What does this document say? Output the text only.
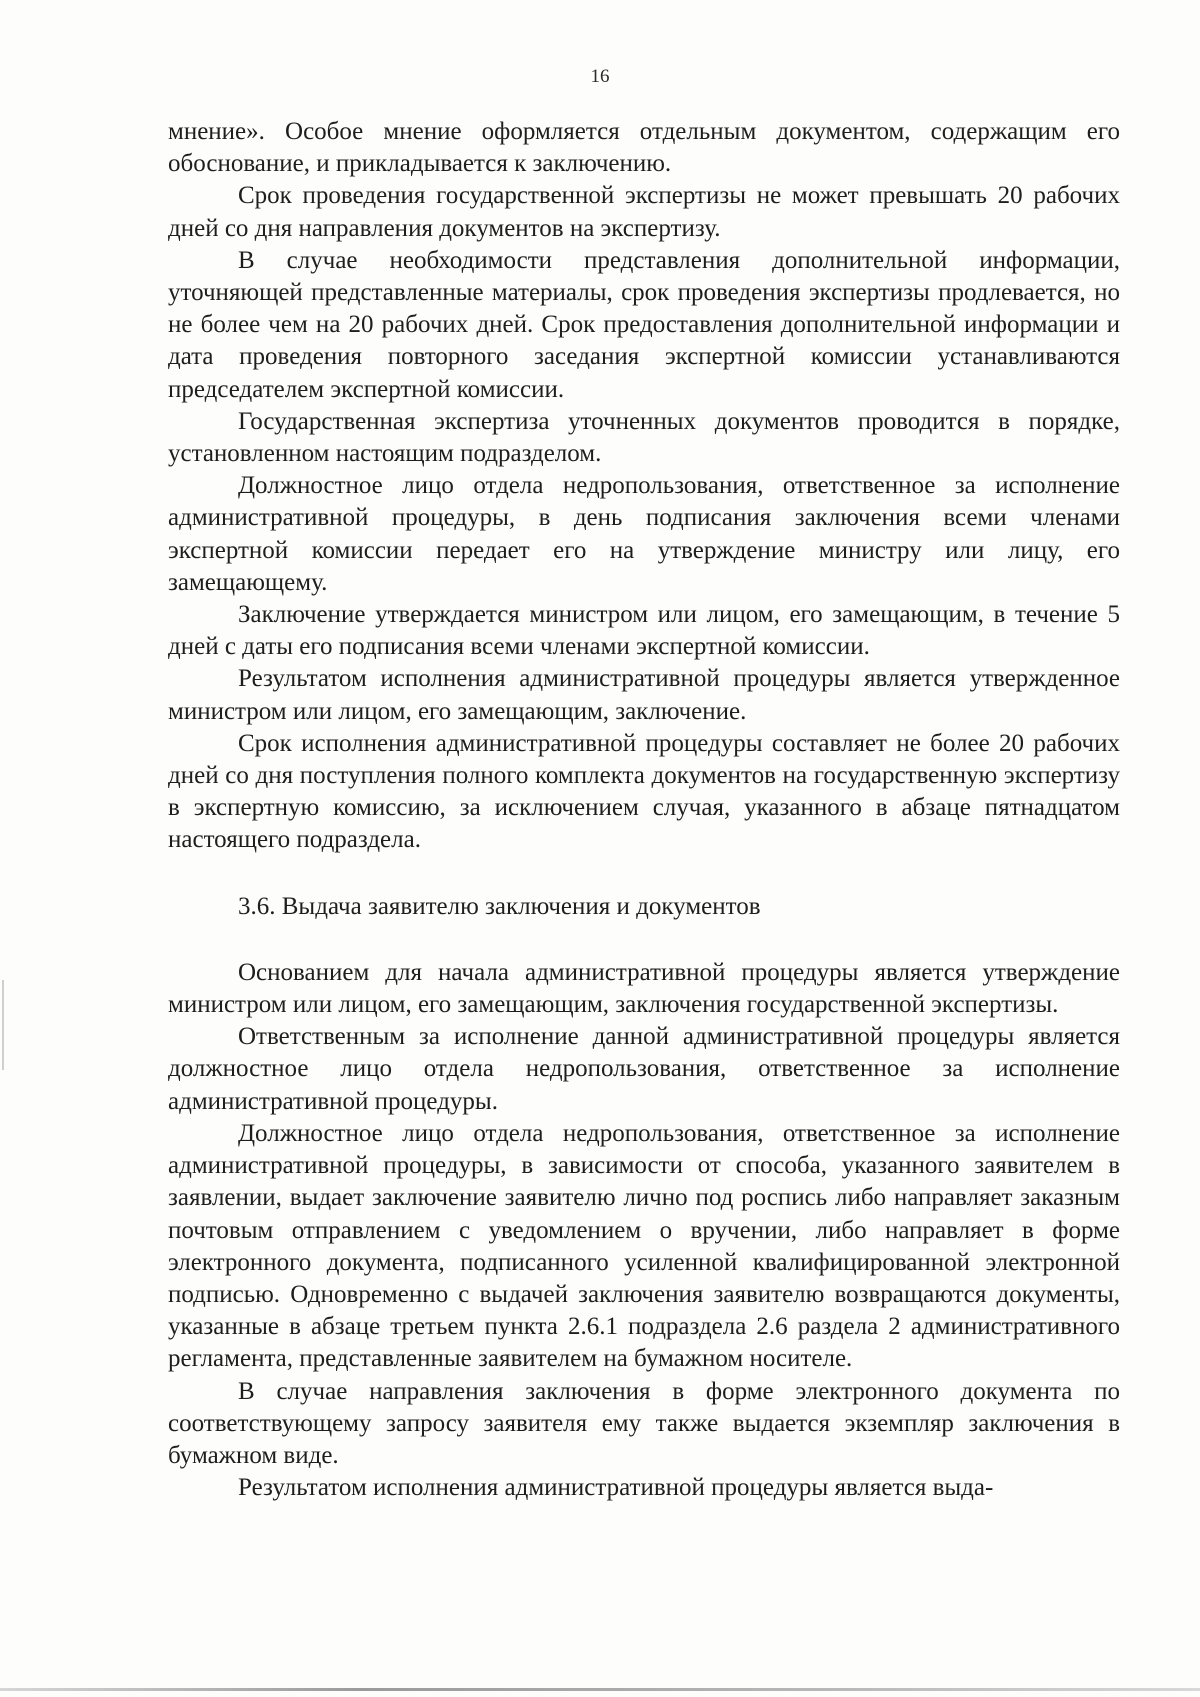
16

мнение». Особое мнение оформляется отдельным документом, содержащим его обоснование, и прикладывается к заключению.

Срок проведения государственной экспертизы не может превышать 20 рабочих дней со дня направления документов на экспертизу.

В случае необходимости представления дополнительной информации, уточняющей представленные материалы, срок проведения экспертизы продлевается, но не более чем на 20 рабочих дней. Срок предоставления дополнительной информации и дата проведения повторного заседания экспертной комиссии устанавливаются председателем экспертной комиссии.

Государственная экспертиза уточненных документов проводится в порядке, установленном настоящим подразделом.

Должностное лицо отдела недропользования, ответственное за исполнение административной процедуры, в день подписания заключения всеми членами экспертной комиссии передает его на утверждение министру или лицу, его замещающему.

Заключение утверждается министром или лицом, его замещающим, в течение 5 дней с даты его подписания всеми членами экспертной комиссии.

Результатом исполнения административной процедуры является утвержденное министром или лицом, его замещающим, заключение.

Срок исполнения административной процедуры составляет не более 20 рабочих дней со дня поступления полного комплекта документов на государственную экспертизу в экспертную комиссию, за исключением случая, указанного в абзаце пятнадцатом настоящего подраздела.

3.6. Выдача заявителю заключения и документов

Основанием для начала административной процедуры является утверждение министром или лицом, его замещающим, заключения государственной экспертизы.

Ответственным за исполнение данной административной процедуры является должностное лицо отдела недропользования, ответственное за исполнение административной процедуры.

Должностное лицо отдела недропользования, ответственное за исполнение административной процедуры, в зависимости от способа, указанного заявителем в заявлении, выдает заключение заявителю лично под роспись либо направляет заказным почтовым отправлением с уведомлением о вручении, либо направляет в форме электронного документа, подписанного усиленной квалифицированной электронной подписью. Одновременно с выдачей заключения заявителю возвращаются документы, указанные в абзаце третьем пункта 2.6.1 подраздела 2.6 раздела 2 административного регламента, представленные заявителем на бумажном носителе.

В случае направления заключения в форме электронного документа по соответствующему запросу заявителя ему также выдается экземпляр заключения в бумажном виде.

Результатом исполнения административной процедуры является выда-
